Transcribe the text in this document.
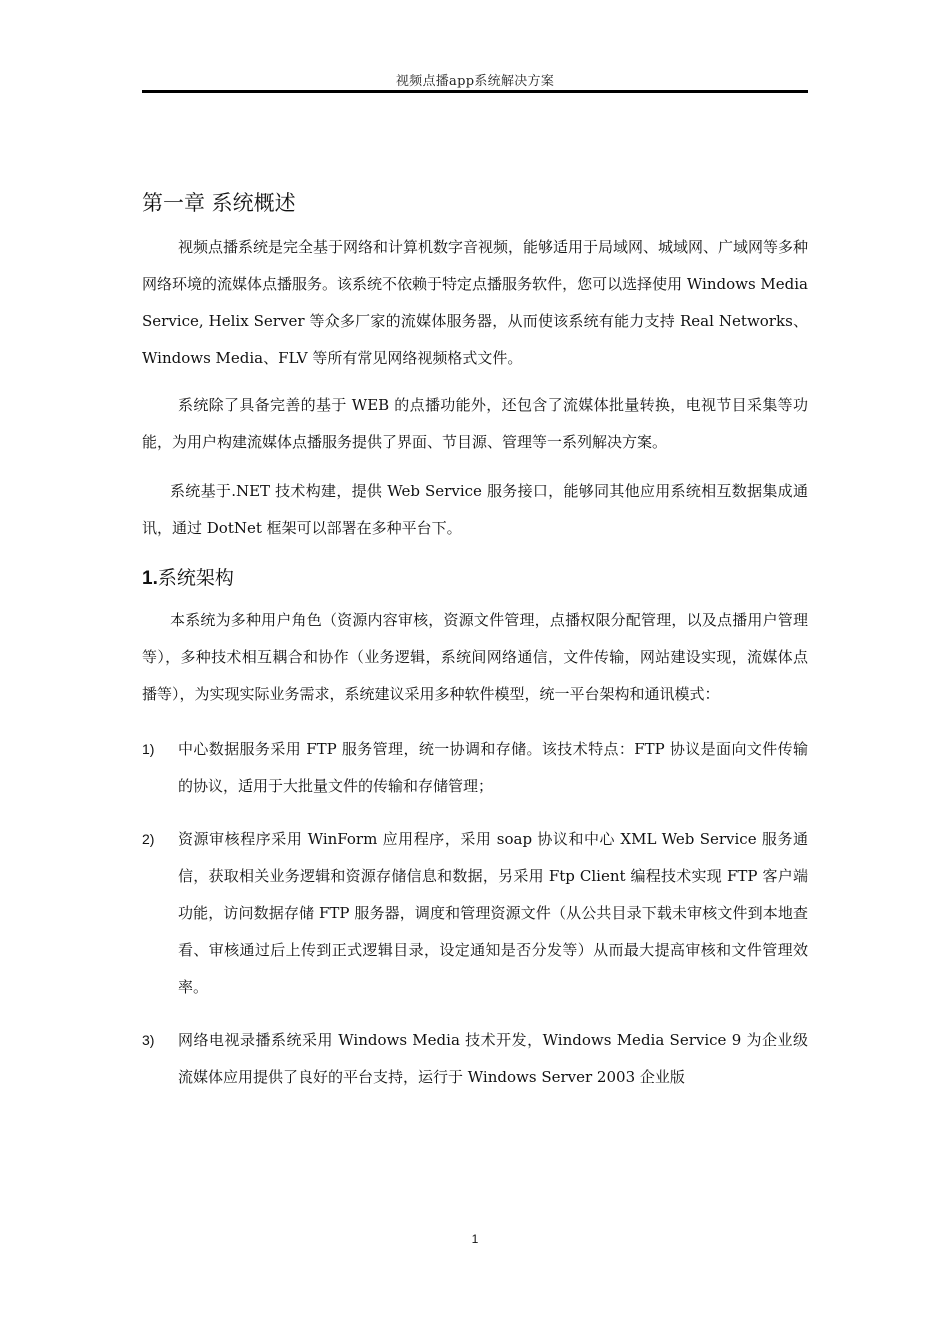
视频点播app系统解决方案
第一章 系统概述

视频点播系统是完全基于网络和计算机数字音视频，能够适用于局域网、城域网、广域网等多种网络环境的流媒体点播服务。该系统不依赖于特定点播服务软件，您可以选择使用 Windows Media Service, Helix Server 等众多厂家的流媒体服务器，从而使该系统有能力支持 Real Networks、Windows Media、FLV 等所有常见网络视频格式文件。

系统除了具备完善的基于 WEB 的点播功能外，还包含了流媒体批量转换，电视节目采集等功能，为用户构建流媒体点播服务提供了界面、节目源、管理等一系列解决方案。

系统基于.NET 技术构建，提供 Web Service 服务接口，能够同其他应用系统相互数据集成通讯，通过 DotNet 框架可以部署在多种平台下。

1.系统架构

本系统为多种用户角色（资源内容审核，资源文件管理，点播权限分配管理，以及点播用户管理等），多种技术相互耦合和协作（业务逻辑，系统间网络通信，文件传输，网站建设实现，流媒体点播等），为实现实际业务需求，系统建议采用多种软件模型，统一平台架构和通讯模式：

1) 中心数据服务采用 FTP 服务管理，统一协调和存储。该技术特点：FTP 协议是面向文件传输的协议，适用于大批量文件的传输和存储管理；
2) 资源审核程序采用 WinForm 应用程序，采用 soap 协议和中心 XML Web Service 服务通信，获取相关业务逻辑和资源存储信息和数据，另采用 Ftp Client 编程技术实现 FTP 客户端功能，访问数据存储 FTP 服务器，调度和管理资源文件（从公共目录下载未审核文件到本地查看、审核通过后上传到正式逻辑目录，设定通知是否分发等）从而最大提高审核和文件管理效率。
3) 网络电视录播系统采用 Windows Media 技术开发，Windows Media Service 9 为企业级流媒体应用提供了良好的平台支持，运行于 Windows Server 2003 企业版
1
